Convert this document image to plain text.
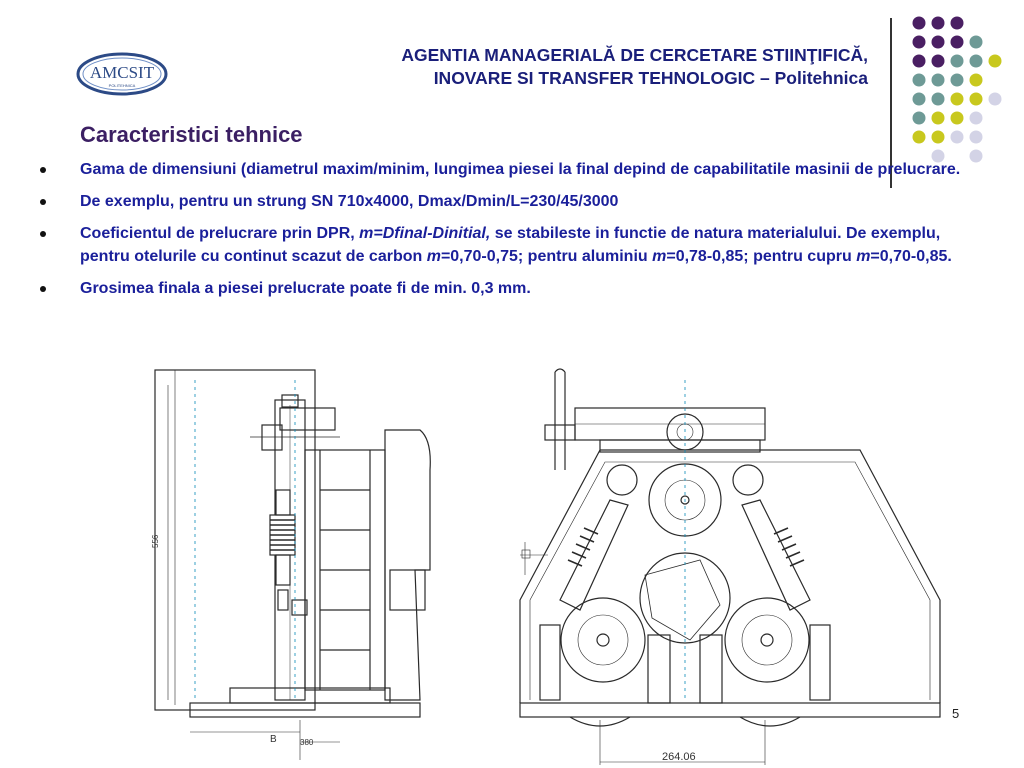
AMCSIT
POLITEHNICA
AGENTIA MANAGERIALĂ DE CERCETARE STIINŢIFICĂ,
INOVARE SI TRANSFER TEHNOLOGIC – Politehnica
Caracteristici tehnice
Gama de dimensiuni (diametrul maxim/minim, lungimea piesei la final depind de capabilitatile masinii de prelucrare.
De exemplu, pentru un strung SN 710x4000, Dmax/Dmin/L=230/45/3000
Coeficientul de prelucrare prin DPR, m=Dfinal-Dinitial, se stabileste in functie de natura materialului. De exemplu, pentru otelurile cu continut scazut de carbon m=0,70-0,75; pentru aluminiu m=0,78-0,85; pentru cupru m=0,70-0,85.
Grosimea finala a piesei prelucrate poate fi de min. 0,3 mm.
556
B	380
264.06
5
